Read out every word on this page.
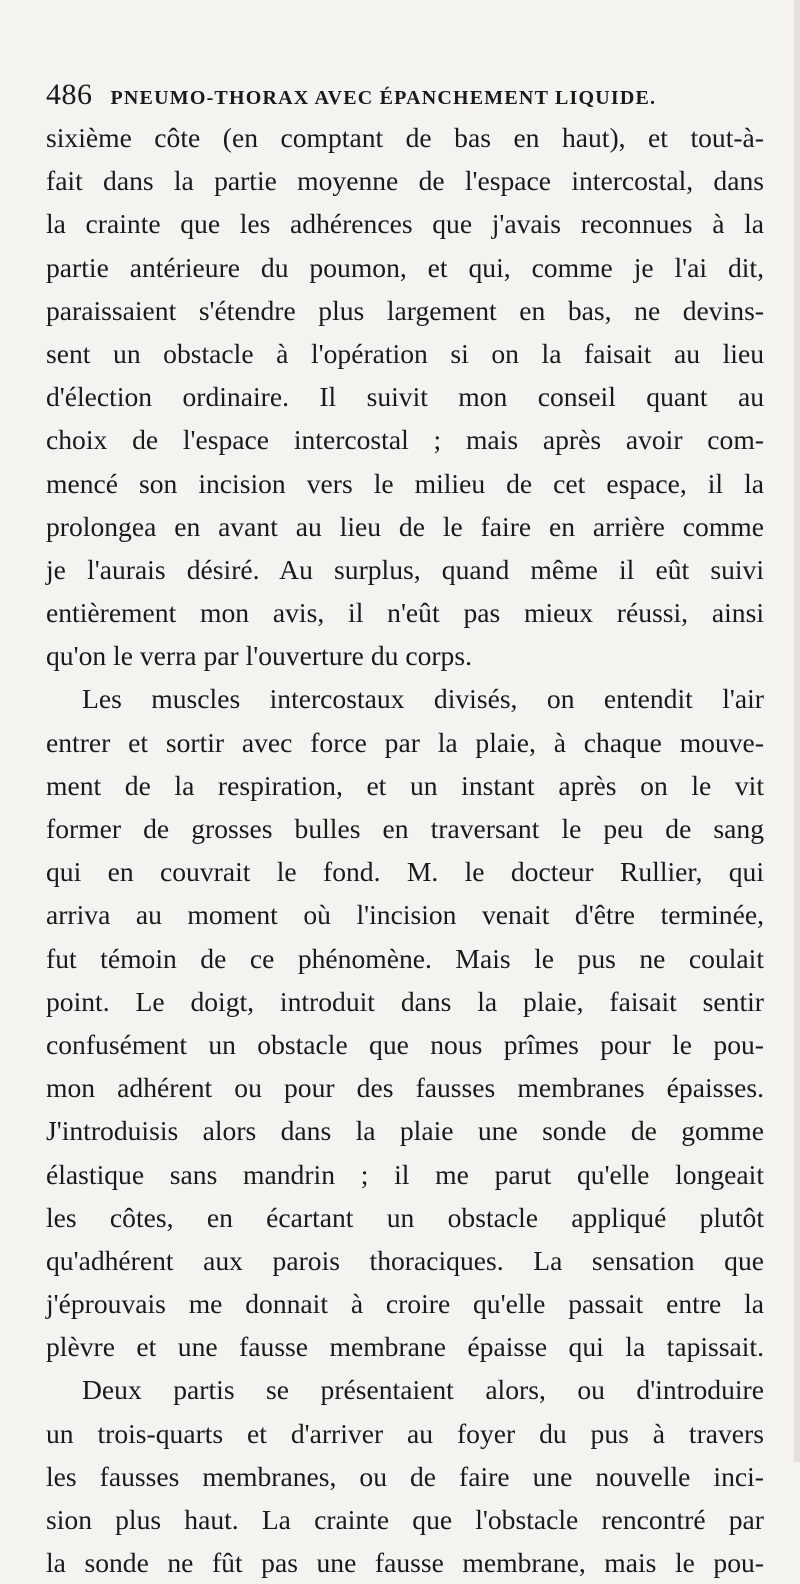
486 PNEUMO-THORAX AVEC ÉPANCHEMENT LIQUIDE.
sixième côte (en comptant de bas en haut), et tout-à-
fait dans la partie moyenne de l'espace intercostal, dans
la crainte que les adhérences que j'avais reconnues à la
partie antérieure du poumon, et qui, comme je l'ai dit,
paraissaient s'étendre plus largement en bas, ne devins-
sent un obstacle à l'opération si on la faisait au lieu
d'élection ordinaire. Il suivit mon conseil quant au
choix de l'espace intercostal ; mais après avoir com-
mencé son incision vers le milieu de cet espace, il la
prolongea en avant au lieu de le faire en arrière comme
je l'aurais désiré. Au surplus, quand même il eût suivi
entièrement mon avis, il n'eût pas mieux réussi, ainsi
qu'on le verra par l'ouverture du corps.
Les muscles intercostaux divisés, on entendit l'air
entrer et sortir avec force par la plaie, à chaque mouve-
ment de la respiration, et un instant après on le vit
former de grosses bulles en traversant le peu de sang
qui en couvrait le fond. M. le docteur Rullier, qui
arriva au moment où l'incision venait d'être terminée,
fut témoin de ce phénomène. Mais le pus ne coulait
point. Le doigt, introduit dans la plaie, faisait sentir
confusément un obstacle que nous prîmes pour le pou-
mon adhérent ou pour des fausses membranes épaisses.
J'introduisis alors dans la plaie une sonde de gomme
élastique sans mandrin ; il me parut qu'elle longeait
les côtes, en écartant un obstacle appliqué plutôt
qu'adhérent aux parois thoraciques. La sensation que
j'éprouvais me donnait à croire qu'elle passait entre la
plèvre et une fausse membrane épaisse qui la tapissait.
Deux partis se présentaient alors, ou d'introduire
un trois-quarts et d'arriver au foyer du pus à travers
les fausses membranes, ou de faire une nouvelle inci-
sion plus haut. La crainte que l'obstacle rencontré par
la sonde ne fût pas une fausse membrane, mais le pou-
